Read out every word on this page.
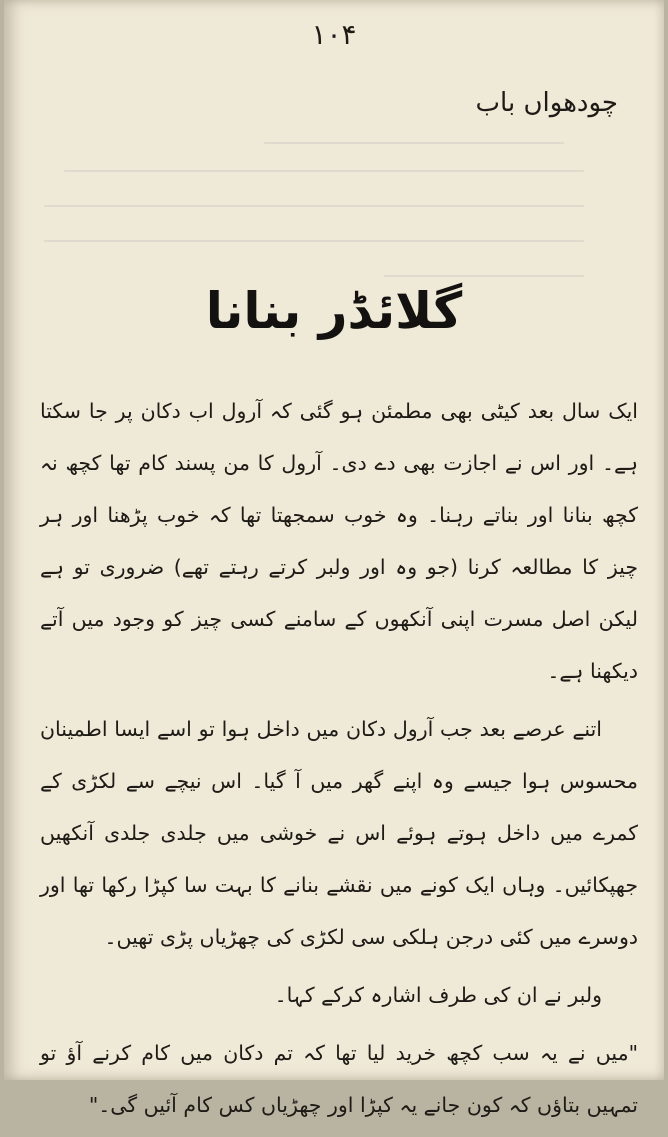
۱۰۴
چودھواں باب
گلائڈر بنانا

ایک سال بعد کیٹی بھی مطمئن ہو گئی کہ آرول اب دکان پر جا سکتا ہے۔ اور اس نے اجازت بھی دے دی۔ آرول کا من پسند کام تھا کچھ نہ کچھ بنانا اور بناتے رہنا۔ وہ خوب سمجھتا تھا کہ خوب پڑھنا اور ہر چیز کا مطالعہ کرنا (جو وہ اور ولبر کرتے رہتے تھے) ضروری تو ہے لیکن اصل مسرت اپنی آنکھوں کے سامنے کسی چیز کو وجود میں آتے دیکھنا ہے۔

اتنے عرصے بعد جب آرول دکان میں داخل ہوا تو اسے ایسا اطمینان محسوس ہوا جیسے وہ اپنے گھر میں آ گیا۔ اس نیچے سے لکڑی کے کمرے میں داخل ہوتے ہوئے اس نے خوشی میں جلدی جلدی آنکھیں جھپکائیں۔ وہاں ایک کونے میں نقشے بنانے کا بہت سا کپڑا رکھا تھا اور دوسرے میں کئی درجن ہلکی سی لکڑی کی چھڑیاں پڑی تھیں۔

ولبر نے ان کی طرف اشارہ کرکے کہا۔

"میں نے یہ سب کچھ خرید لیا تھا کہ تم دکان میں کام کرنے آؤ تو تمہیں بتاؤں کہ کون جانے یہ کپڑا اور چھڑیاں کس کام آئیں گی۔"
